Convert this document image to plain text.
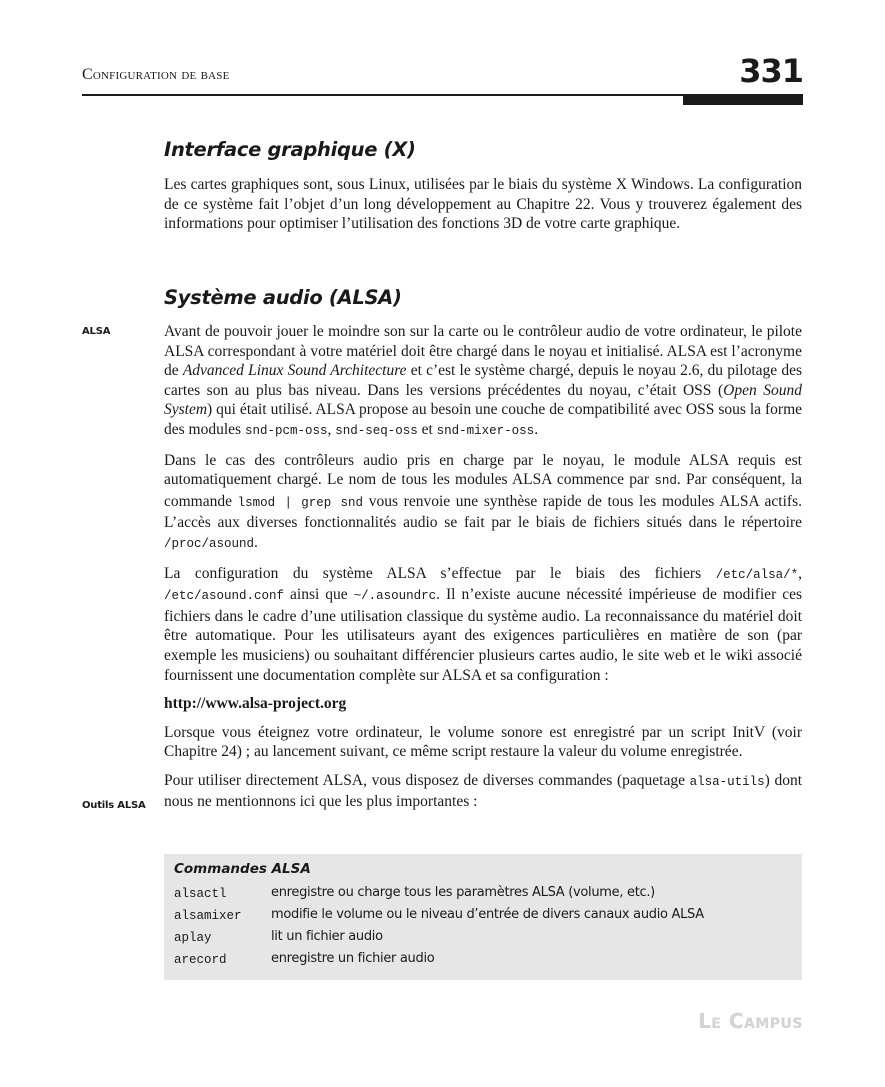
Configuration de base	331
Interface graphique (X)

Les cartes graphiques sont, sous Linux, utilisées par le biais du système X Windows. La configuration de ce système fait l’objet d’un long développement au Chapitre 22. Vous y trouverez également des informations pour optimiser l’utilisation des fonctions 3D de votre carte graphique.

Système audio (ALSA)
ALSA	Avant de pouvoir jouer le moindre son sur la carte ou le contrôleur audio de votre ordinateur, le pilote ALSA correspondant à votre matériel doit être chargé dans le noyau et initialisé. ALSA est l’acronyme de Advanced Linux Sound Architecture et c’est le système chargé, depuis le noyau 2.6, du pilotage des cartes son au plus bas niveau. Dans les versions précédentes du noyau, c’était OSS (Open Sound System) qui était utilisé. ALSA propose au besoin une couche de compatibilité avec OSS sous la forme des modules snd-pcm-oss, snd-seq-oss et snd-mixer-oss.

Dans le cas des contrôleurs audio pris en charge par le noyau, le module ALSA requis est automatiquement chargé. Le nom de tous les modules ALSA commence par snd. Par conséquent, la commande lsmod | grep snd vous renvoie une synthèse rapide de tous les modules ALSA actifs. L’accès aux diverses fonctionnalités audio se fait par le biais de fichiers situés dans le répertoire /proc/asound.

La configuration du système ALSA s’effectue par le biais des fichiers /etc/alsa/*, /etc/asound.conf ainsi que ~/.asoundrc. Il n’existe aucune nécessité impérieuse de modifier ces fichiers dans le cadre d’une utilisation classique du système audio. La reconnaissance du matériel doit être automatique. Pour les utilisateurs ayant des exigences particulières en matière de son (par exemple les musiciens) ou souhaitant différencier plusieurs cartes audio, le site web et le wiki associé fournissent une documentation complète sur ALSA et sa configuration :

http://www.alsa-project.org

Lorsque vous éteignez votre ordinateur, le volume sonore est enregistré par un script InitV (voir Chapitre 24) ; au lancement suivant, ce même script restaure la valeur du volume enregistrée.

Pour utiliser directement ALSA, vous disposez de diverses commandes (paquetage alsa-utils) dont nous ne mentionnons ici que les plus importantes :

Outils ALSA
Commandes ALSA
alsactl	enregistre ou charge tous les paramètres ALSA (volume, etc.)
alsamixer modifie le volume ou le niveau d’entrée de divers canaux audio ALSA
aplay	lit un fichier audio
arecord	enregistre un fichier audio
Le Campus
